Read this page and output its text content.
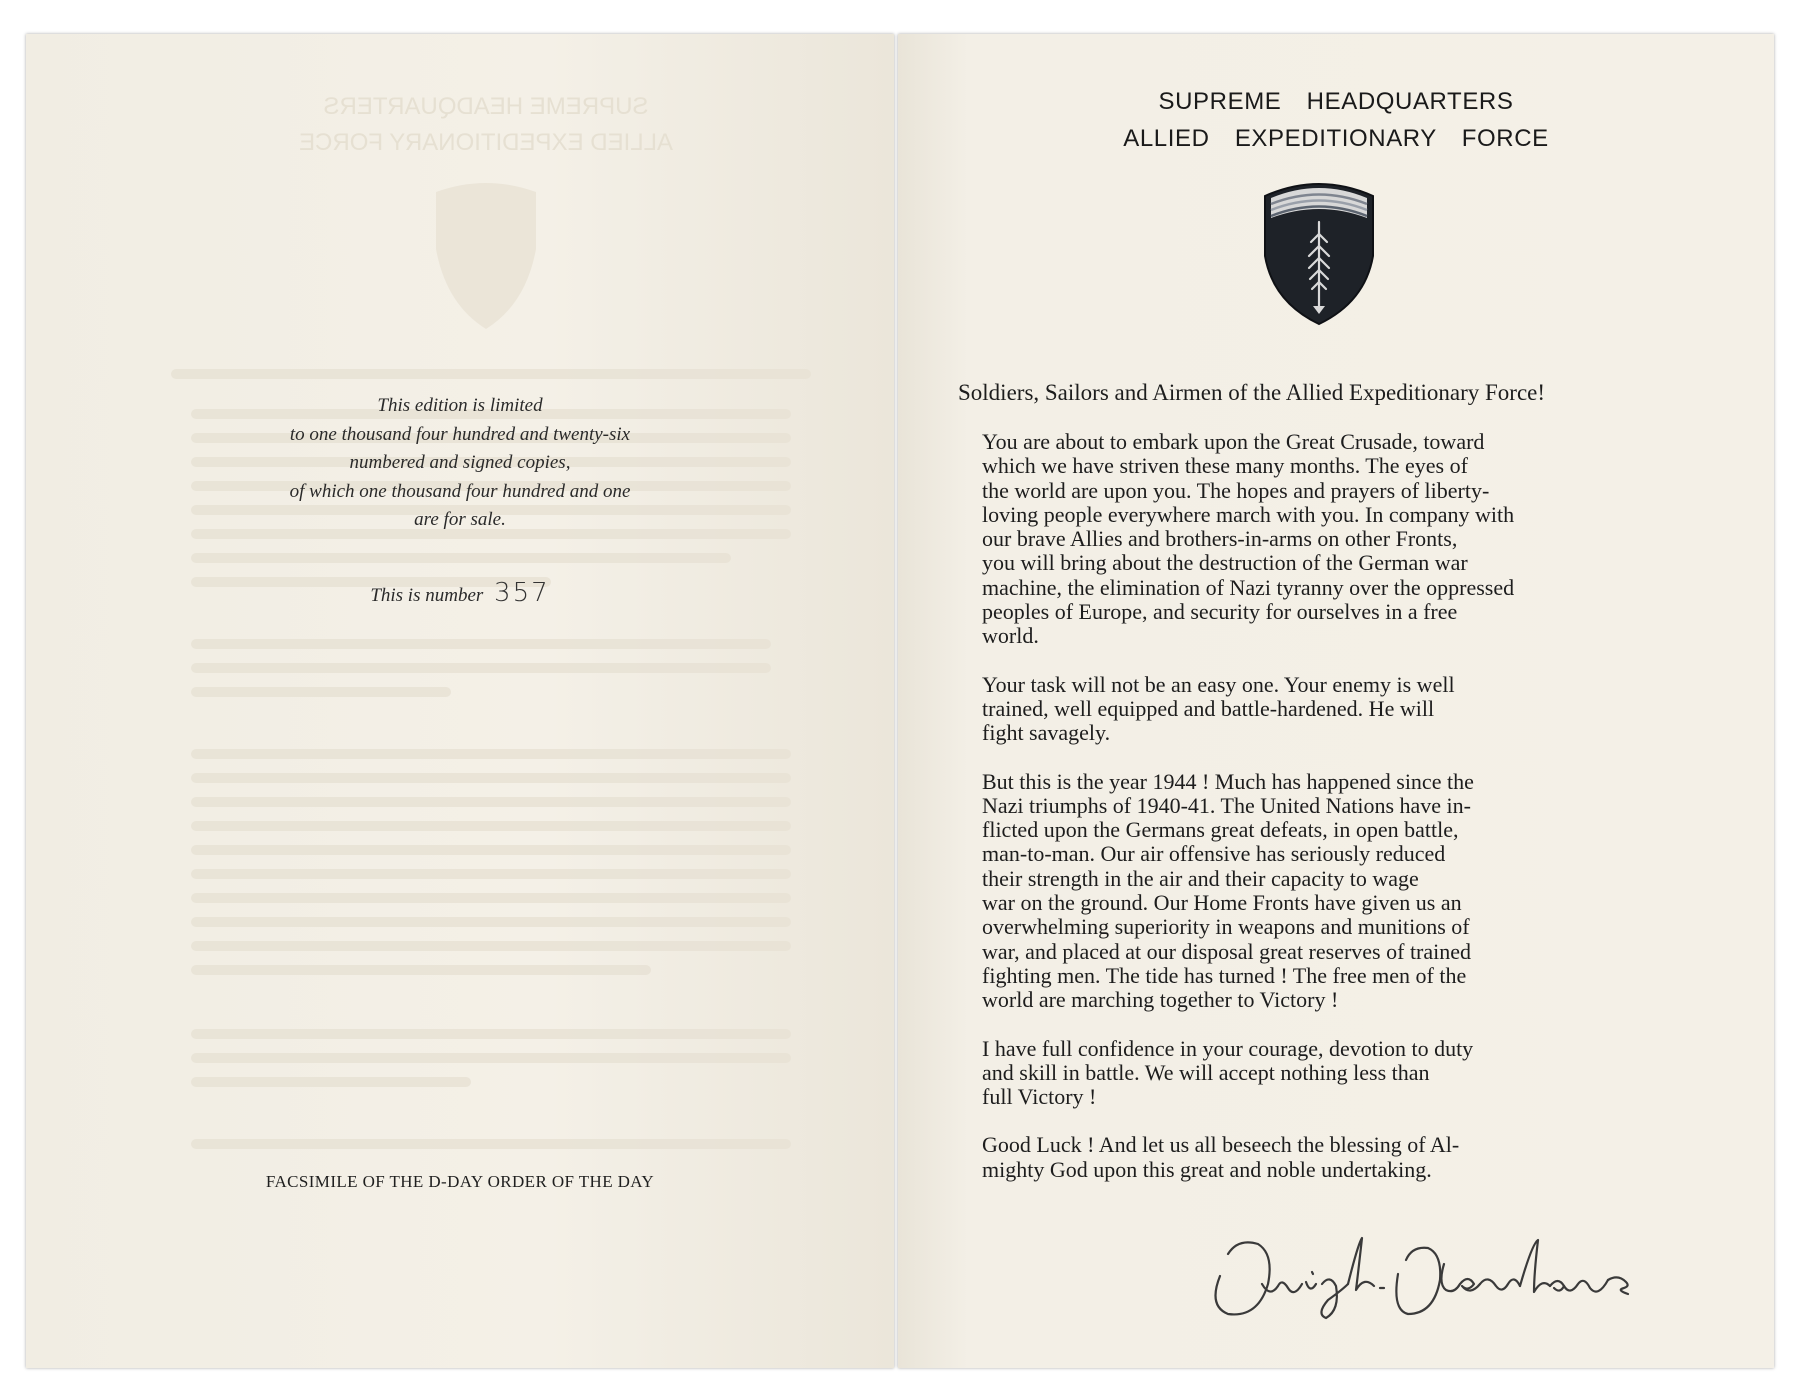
SUPREME HEADQUARTERS
ALLIED EXPEDITIONARY FORCE
This edition is limited
to one thousand four hundred and twenty-six
numbered and signed copies,
of which one thousand four hundred and one
are for sale.
This is number 357
FACSIMILE OF THE D-DAY ORDER OF THE DAY
SUPREME HEADQUARTERS
ALLIED EXPEDITIONARY FORCE
Soldiers, Sailors and Airmen of the Allied Expeditionary Force!
You are about to embark upon the Great Crusade, toward
which we have striven these many months. The eyes of
the world are upon you. The hopes and prayers of liberty-
loving people everywhere march with you. In company with
our brave Allies and brothers-in-arms on other Fronts,
you will bring about the destruction of the German war
machine, the elimination of Nazi tyranny over the oppressed
peoples of Europe, and security for ourselves in a free
world.
Your task will not be an easy one. Your enemy is well
trained, well equipped and battle-hardened. He will
fight savagely.
But this is the year 1944 ! Much has happened since the
Nazi triumphs of 1940-41. The United Nations have in-
flicted upon the Germans great defeats, in open battle,
man-to-man. Our air offensive has seriously reduced
their strength in the air and their capacity to wage
war on the ground. Our Home Fronts have given us an
overwhelming superiority in weapons and munitions of
war, and placed at our disposal great reserves of trained
fighting men. The tide has turned ! The free men of the
world are marching together to Victory !
I have full confidence in your courage, devotion to duty
and skill in battle. We will accept nothing less than
full Victory !
Good Luck ! And let us all beseech the blessing of Al-
mighty God upon this great and noble undertaking.
